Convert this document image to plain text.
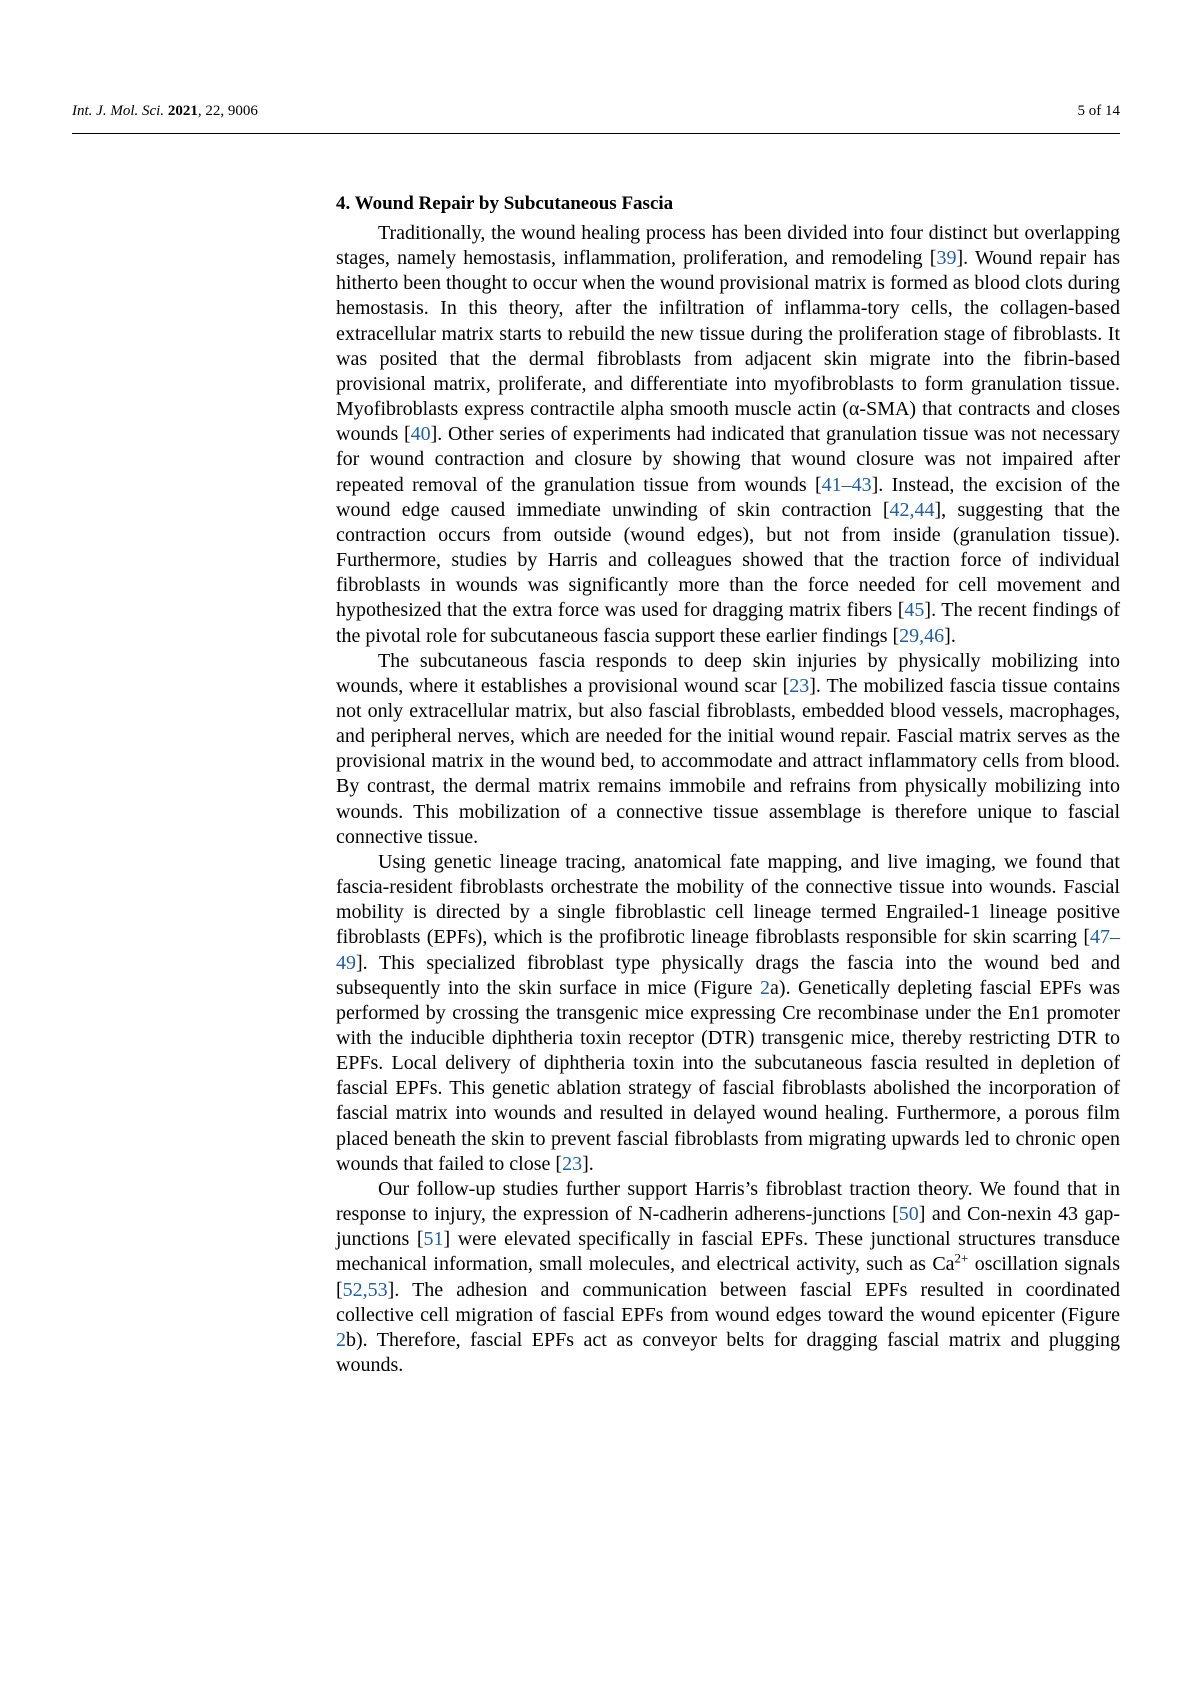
Int. J. Mol. Sci. 2021, 22, 9006	5 of 14
4. Wound Repair by Subcutaneous Fascia

Traditionally, the wound healing process has been divided into four distinct but overlapping stages, namely hemostasis, inflammation, proliferation, and remodeling [39]. Wound repair has hitherto been thought to occur when the wound provisional matrix is formed as blood clots during hemostasis. In this theory, after the infiltration of inflamma-tory cells, the collagen-based extracellular matrix starts to rebuild the new tissue during the proliferation stage of fibroblasts. It was posited that the dermal fibroblasts from adjacent skin migrate into the fibrin-based provisional matrix, proliferate, and differentiate into myofibroblasts to form granulation tissue. Myofibroblasts express contractile alpha smooth muscle actin (α-SMA) that contracts and closes wounds [40]. Other series of experiments had indicated that granulation tissue was not necessary for wound contraction and closure by showing that wound closure was not impaired after repeated removal of the granulation tissue from wounds [41–43]. Instead, the excision of the wound edge caused immediate unwinding of skin contraction [42,44], suggesting that the contraction occurs from outside (wound edges), but not from inside (granulation tissue). Furthermore, studies by Harris and colleagues showed that the traction force of individual fibroblasts in wounds was significantly more than the force needed for cell movement and hypothesized that the extra force was used for dragging matrix fibers [45]. The recent findings of the pivotal role for subcutaneous fascia support these earlier findings [29,46].

The subcutaneous fascia responds to deep skin injuries by physically mobilizing into wounds, where it establishes a provisional wound scar [23]. The mobilized fascia tissue contains not only extracellular matrix, but also fascial fibroblasts, embedded blood vessels, macrophages, and peripheral nerves, which are needed for the initial wound repair. Fascial matrix serves as the provisional matrix in the wound bed, to accommodate and attract inflammatory cells from blood. By contrast, the dermal matrix remains immobile and refrains from physically mobilizing into wounds. This mobilization of a connective tissue assemblage is therefore unique to fascial connective tissue.

Using genetic lineage tracing, anatomical fate mapping, and live imaging, we found that fascia-resident fibroblasts orchestrate the mobility of the connective tissue into wounds. Fascial mobility is directed by a single fibroblastic cell lineage termed Engrailed-1 lineage positive fibroblasts (EPFs), which is the profibrotic lineage fibroblasts responsible for skin scarring [47–49]. This specialized fibroblast type physically drags the fascia into the wound bed and subsequently into the skin surface in mice (Figure 2a). Genetically depleting fascial EPFs was performed by crossing the transgenic mice expressing Cre recombinase under the En1 promoter with the inducible diphtheria toxin receptor (DTR) transgenic mice, thereby restricting DTR to EPFs. Local delivery of diphtheria toxin into the subcutaneous fascia resulted in depletion of fascial EPFs. This genetic ablation strategy of fascial fibroblasts abolished the incorporation of fascial matrix into wounds and resulted in delayed wound healing. Furthermore, a porous film placed beneath the skin to prevent fascial fibroblasts from migrating upwards led to chronic open wounds that failed to close [23].

Our follow-up studies further support Harris’s fibroblast traction theory. We found that in response to injury, the expression of N-cadherin adherens-junctions [50] and Con-nexin 43 gap-junctions [51] were elevated specifically in fascial EPFs. These junctional structures transduce mechanical information, small molecules, and electrical activity, such as $Ca^{2+}$ oscillation signals [52,53]. The adhesion and communication between fascial EPFs resulted in coordinated collective cell migration of fascial EPFs from wound edges toward the wound epicenter (Figure 2b). Therefore, fascial EPFs act as conveyor belts for dragging fascial matrix and plugging wounds.
